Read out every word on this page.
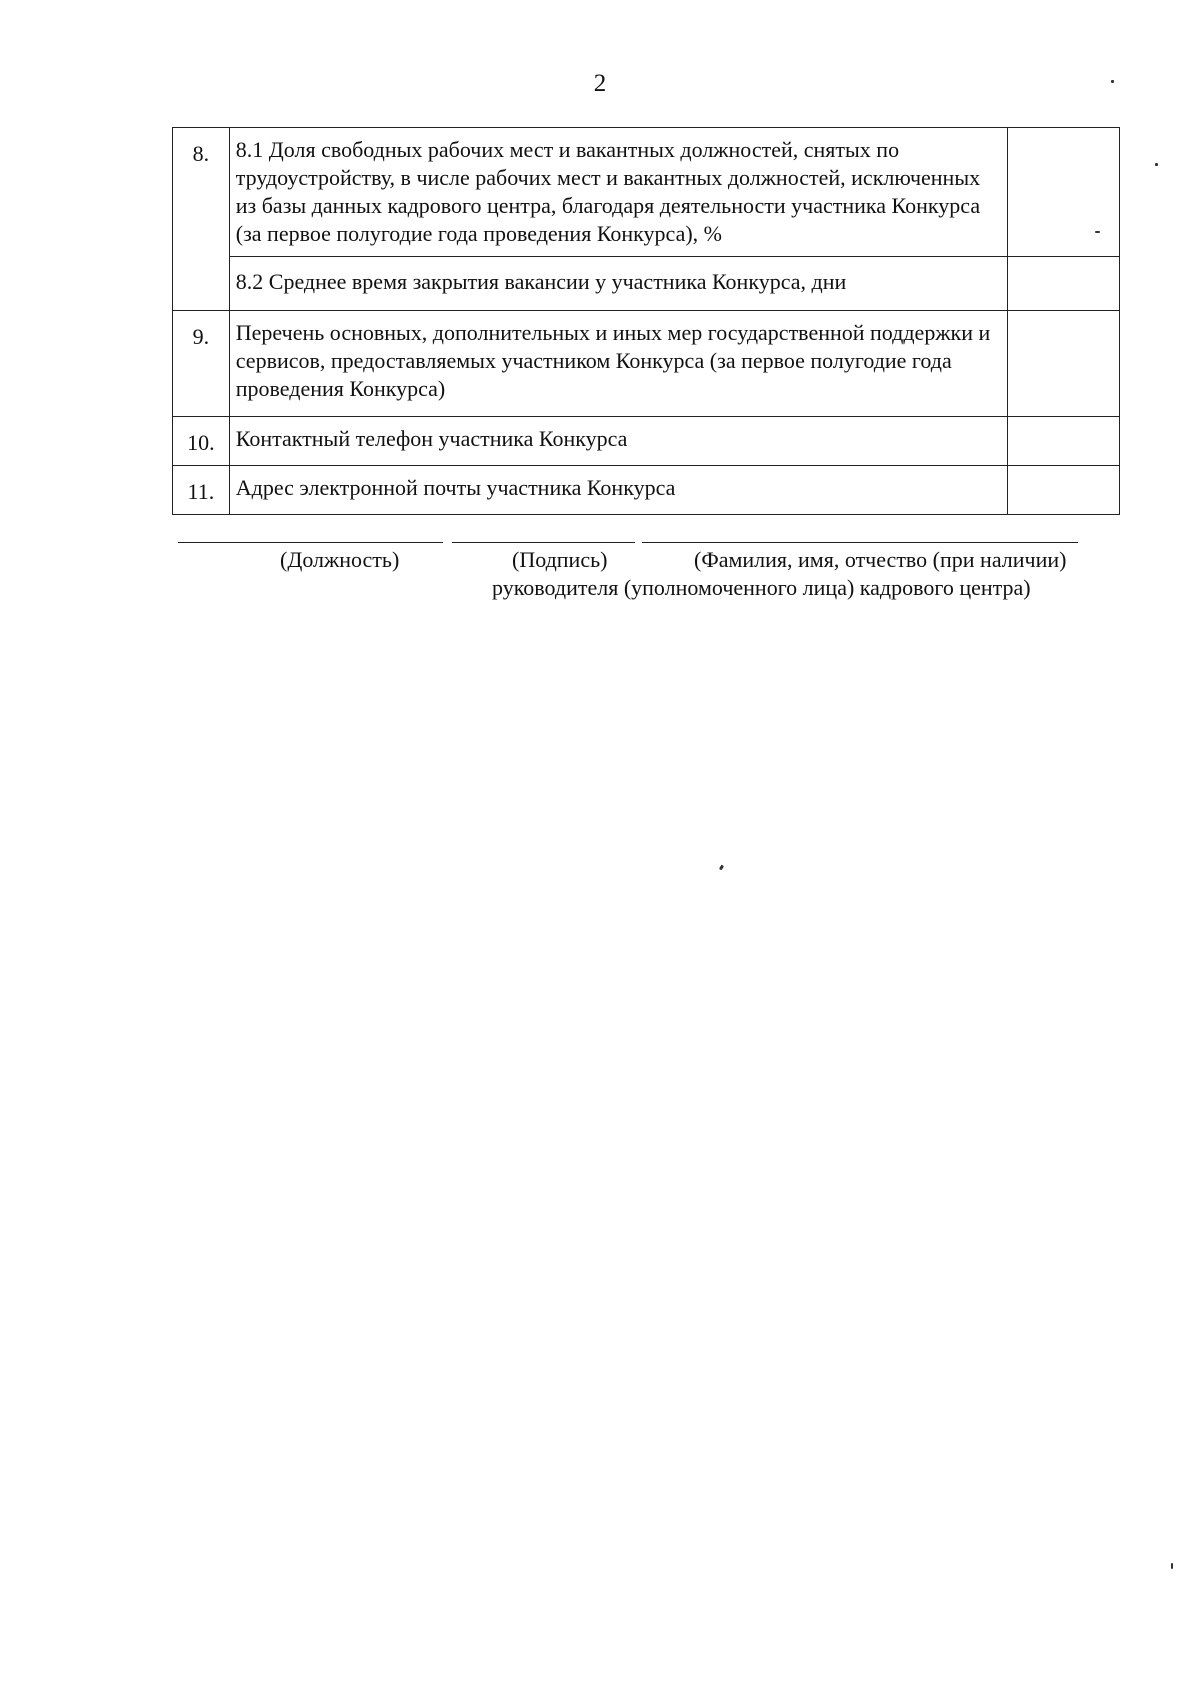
2
8.	8.1 Доля свободных рабочих мест и вакантных должностей, снятых по трудоустройству, в числе рабочих мест и вакантных должностей, исключенных из базы данных кадрового центра, благодаря деятельности участника Конкурса (за первое полугодие года проведения Конкурса), %	
	8.2 Среднее время закрытия вакансии у участника Конкурса, дни	
9.	Перечень основных, дополнительных и иных мер государственной поддержки и сервисов, предоставляемых участником Конкурса (за первое полугодие года проведения Конкурса)	
10.	Контактный телефон участника Конкурса	
11.	Адрес электронной почты участника Конкурса	
(Должность)	(Подпись)	(Фамилия, имя, отчество (при наличии)
руководителя (уполномоченного лица) кадрового центра)
